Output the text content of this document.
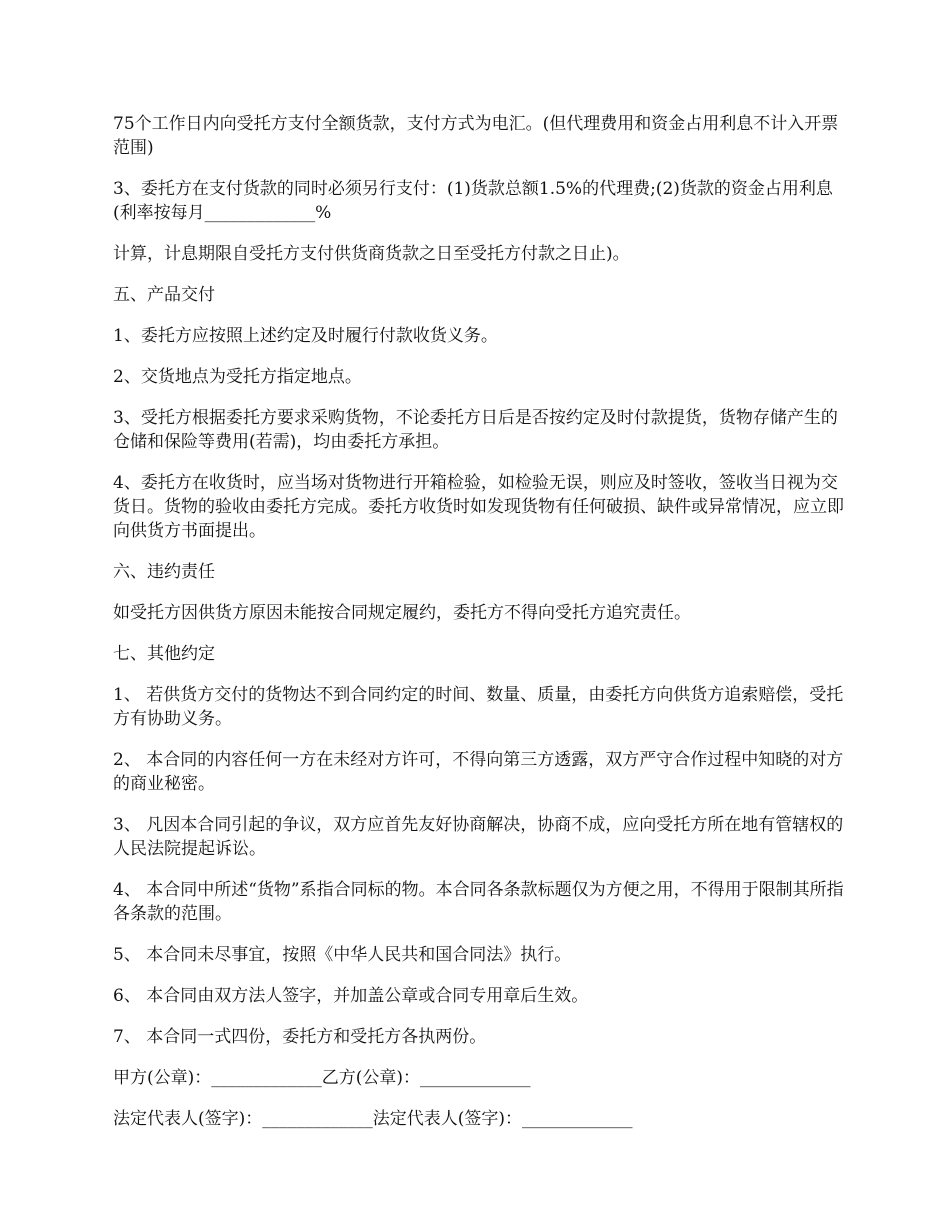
75个工作日内向受托方支付全额货款，支付方式为电汇。(但代理费用和资金占用利息不计入开票范围)

3、委托方在支付货款的同时必须另行支付：(1)货款总额1.5%的代理费;(2)货款的资金占用利息(利率按每月_____________%

计算，计息期限自受托方支付供货商货款之日至受托方付款之日止)。

五、产品交付

1、委托方应按照上述约定及时履行付款收货义务。

2、交货地点为受托方指定地点。

3、受托方根据委托方要求采购货物，不论委托方日后是否按约定及时付款提货，货物存储产生的仓储和保险等费用(若需)，均由委托方承担。

4、委托方在收货时，应当场对货物进行开箱检验，如检验无误，则应及时签收，签收当日视为交货日。货物的验收由委托方完成。委托方收货时如发现货物有任何破损、缺件或异常情况，应立即向供货方书面提出。

六、违约责任

如受托方因供货方原因未能按合同规定履约，委托方不得向受托方追究责任。

七、其他约定

1、 若供货方交付的货物达不到合同约定的时间、数量、质量，由委托方向供货方追索赔偿，受托方有协助义务。

2、 本合同的内容任何一方在未经对方许可，不得向第三方透露，双方严守合作过程中知晓的对方的商业秘密。

3、 凡因本合同引起的争议，双方应首先友好协商解决，协商不成，应向受托方所在地有管辖权的人民法院提起诉讼。

4、 本合同中所述“货物”系指合同标的物。本合同各条款标题仅为方便之用，不得用于限制其所指各条款的范围。

5、 本合同未尽事宜，按照《中华人民共和国合同法》执行。

6、 本合同由双方法人签字，并加盖公章或合同专用章后生效。

7、 本合同一式四份，委托方和受托方各执两份。

甲方(公章)：_____________乙方(公章)：_____________

法定代表人(签字)：_____________法定代表人(签字)：_____________
